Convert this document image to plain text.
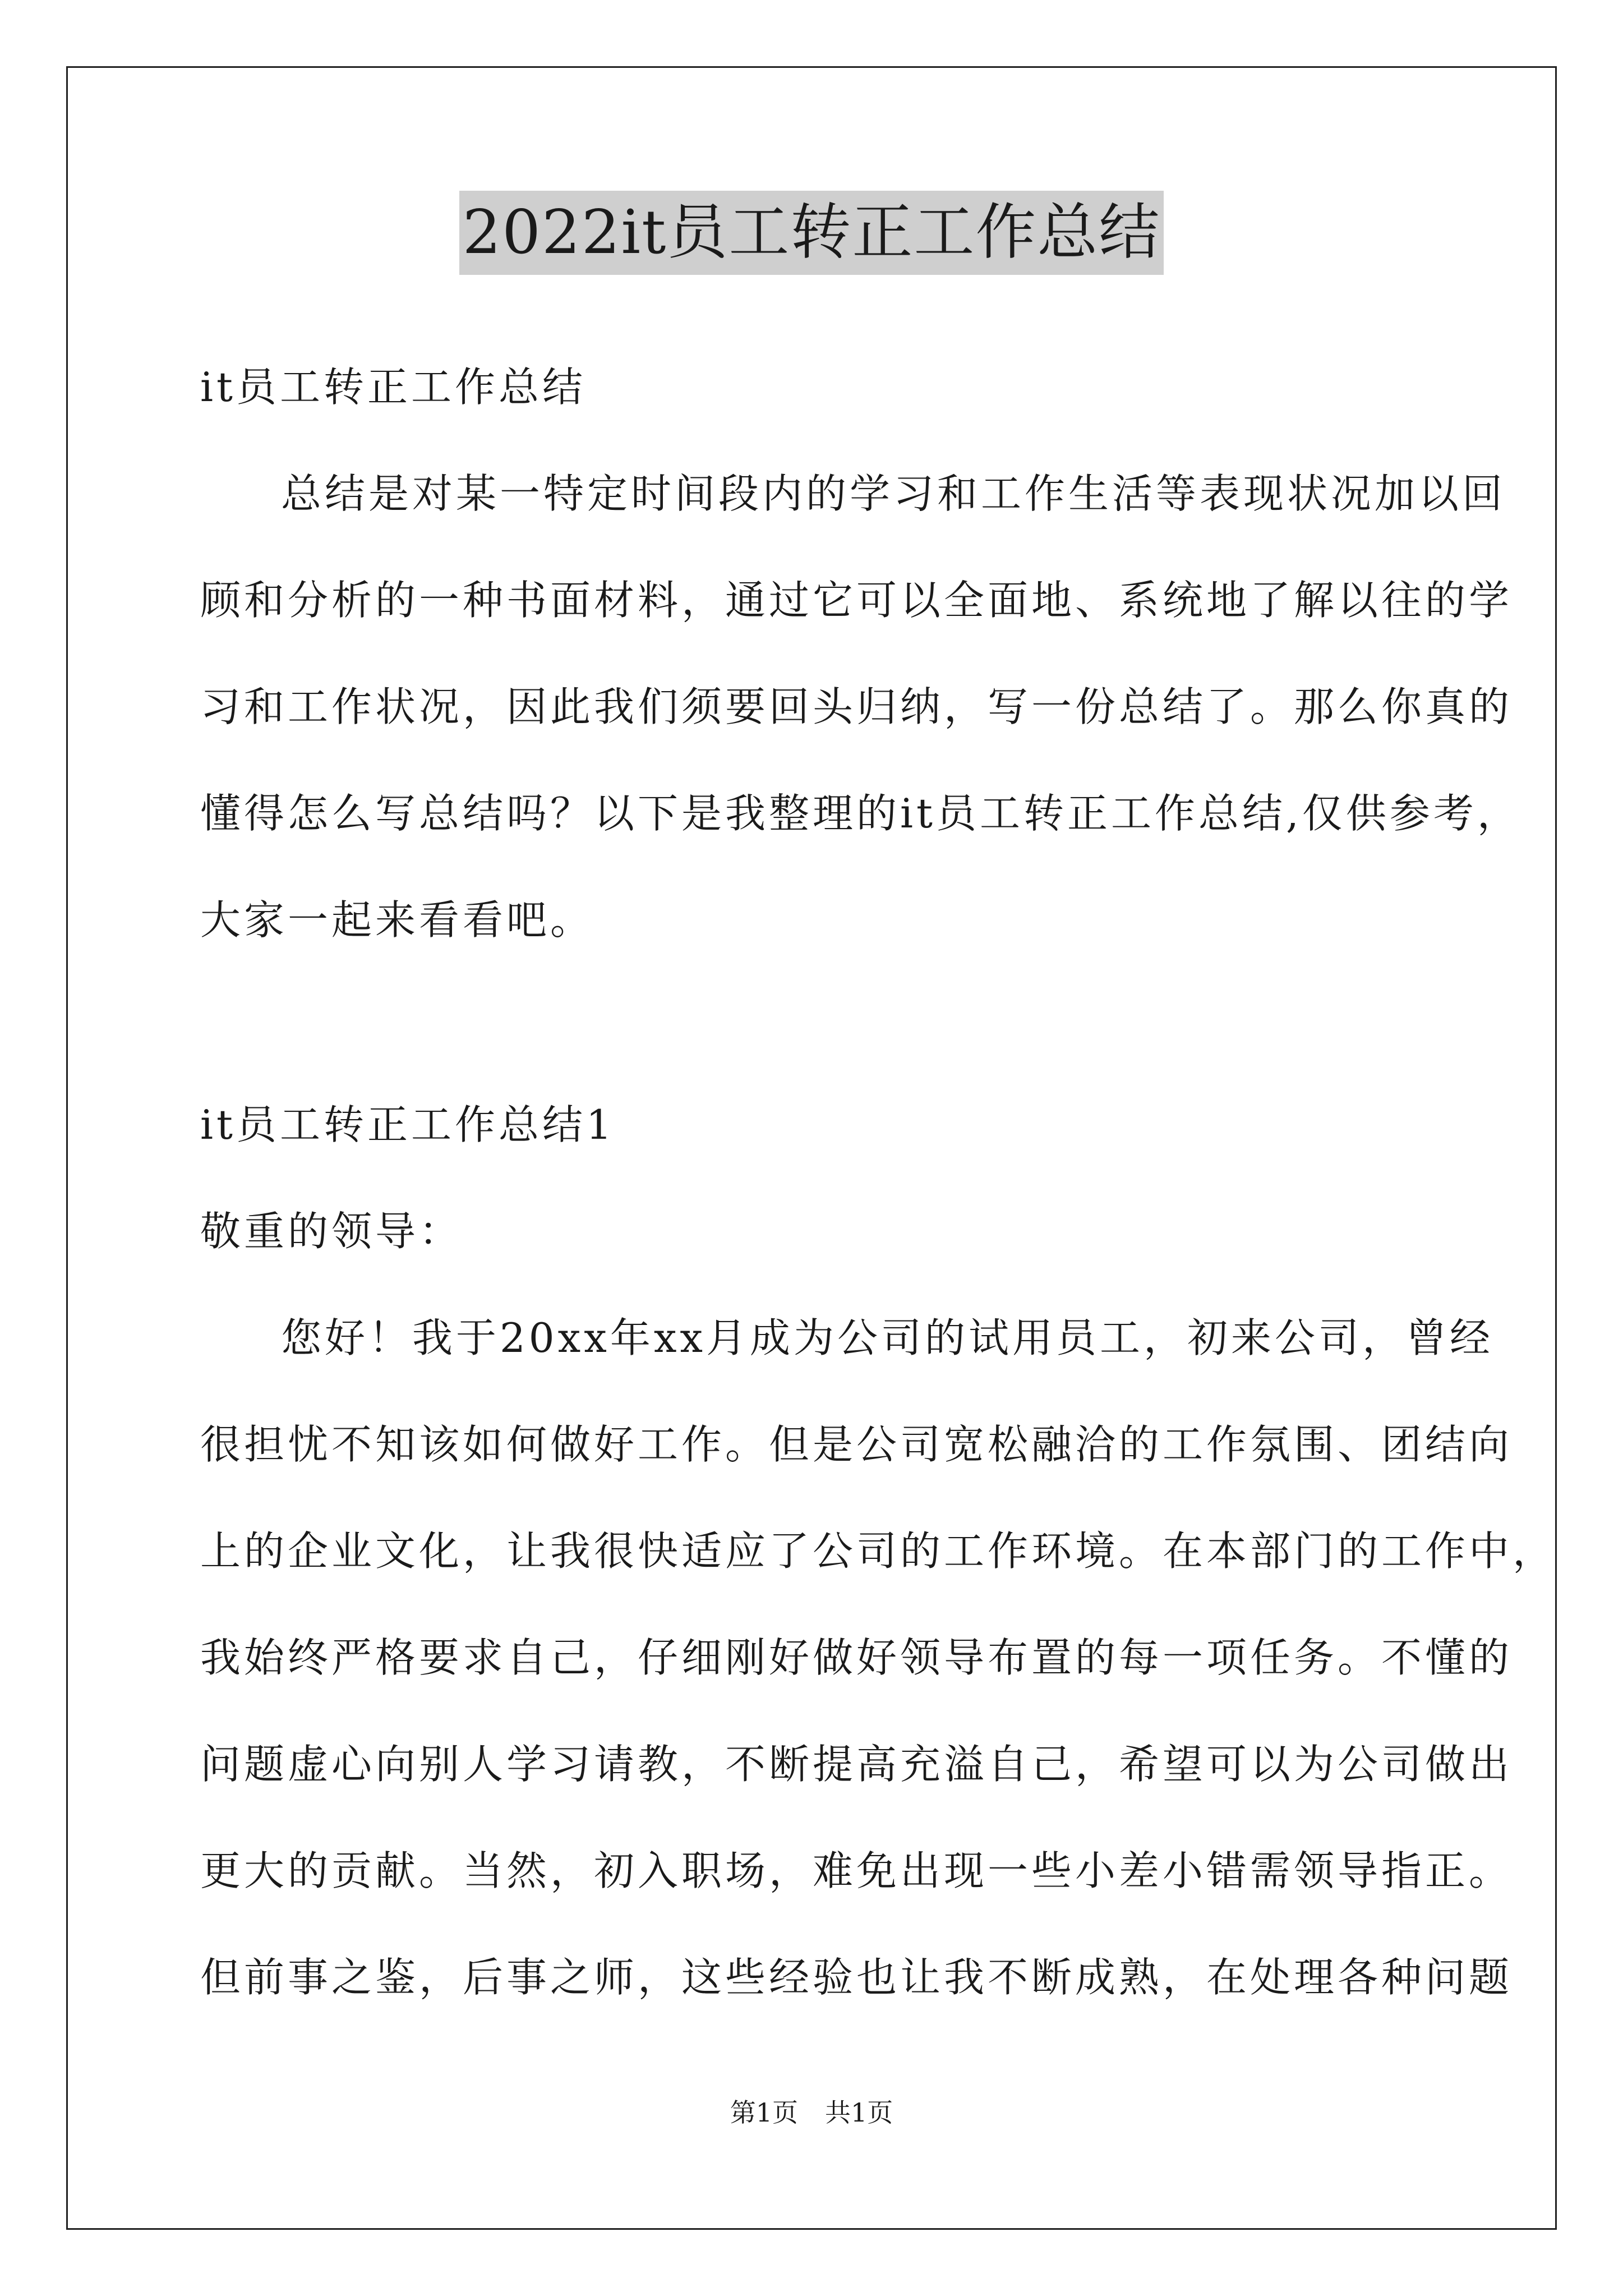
2022it员工转正工作总结
it员工转正工作总结
总结是对某一特定时间段内的学习和工作生活等表现状况加以回
顾和分析的一种书面材料，通过它可以全面地、系统地了解以往的学
习和工作状况，因此我们须要回头归纳，写一份总结了。那么你真的
懂得怎么写总结吗？以下是我整理的it员工转正工作总结,仅供参考，
大家一起来看看吧。
it员工转正工作总结1
敬重的领导：
您好！我于20xx年xx月成为公司的试用员工，初来公司，曾经
很担忧不知该如何做好工作。但是公司宽松融洽的工作氛围、团结向
上的企业文化，让我很快适应了公司的工作环境。在本部门的工作中，
我始终严格要求自己，仔细刚好做好领导布置的每一项任务。不懂的
问题虚心向别人学习请教，不断提高充溢自己，希望可以为公司做出
更大的贡献。当然，初入职场，难免出现一些小差小错需领导指正。
但前事之鉴，后事之师，这些经验也让我不断成熟，在处理各种问题
第1页 共1页
